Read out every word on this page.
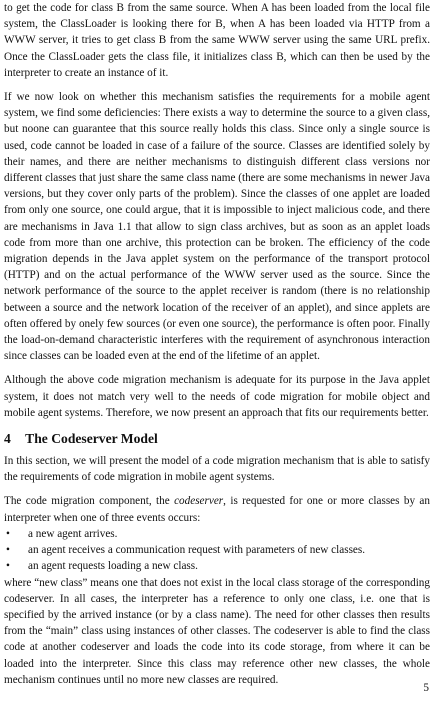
to get the code for class B from the same source. When A has been loaded from the local file system, the ClassLoader is looking there for B, when A has been loaded via HTTP from a WWW server, it tries to get class B from the same WWW server using the same URL prefix. Once the ClassLoader gets the class file, it initializes class B, which can then be used by the interpreter to create an instance of it.

If we now look on whether this mechanism satisfies the requirements for a mobile agent system, we find some deficiencies: There exists a way to determine the source to a given class, but noone can guarantee that this source really holds this class. Since only a single source is used, code cannot be loaded in case of a failure of the source. Classes are identified solely by their names, and there are neither mechanisms to distinguish different class versions nor different classes that just share the same class name (there are some mechanisms in newer Java versions, but they cover only parts of the problem). Since the classes of one applet are loaded from only one source, one could argue, that it is impossible to inject malicious code, and there are mechanisms in Java 1.1 that allow to sign class archives, but as soon as an applet loads code from more than one archive, this protection can be broken. The efficiency of the code migration depends in the Java applet system on the performance of the transport protocol (HTTP) and on the actual performance of the WWW server used as the source. Since the network performance of the source to the applet receiver is random (there is no relationship between a source and the network location of the receiver of an applet), and since applets are often offered by onely few sources (or even one source), the performance is often poor. Finally the load-on-demand characteristic interferes with the requirement of asynchronous interaction since classes can be loaded even at the end of the lifetime of an applet.

Although the above code migration mechanism is adequate for its purpose in the Java applet system, it does not match very well to the needs of code migration for mobile object and mobile agent systems. Therefore, we now present an approach that fits our requirements better.

4 The Codeserver Model

In this section, we will present the model of a code migration mechanism that is able to satisfy the requirements of code migration in mobile agent systems.

The code migration component, the codeserver, is requested for one or more classes by an interpreter when one of three events occurs:

• a new agent arrives.
• an agent receives a communication request with parameters of new classes.
• an agent requests loading a new class.

where “new class” means one that does not exist in the local class storage of the corresponding codeserver. In all cases, the interpreter has a reference to only one class, i.e. one that is specified by the arrived instance (or by a class name). The need for other classes then results from the “main” class using instances of other classes. The codeserver is able to find the class code at another codeserver and loads the code into its code storage, from where it can be loaded into the interpreter. Since this class may reference other new classes, the whole mechanism continues until no more new classes are required.

5
